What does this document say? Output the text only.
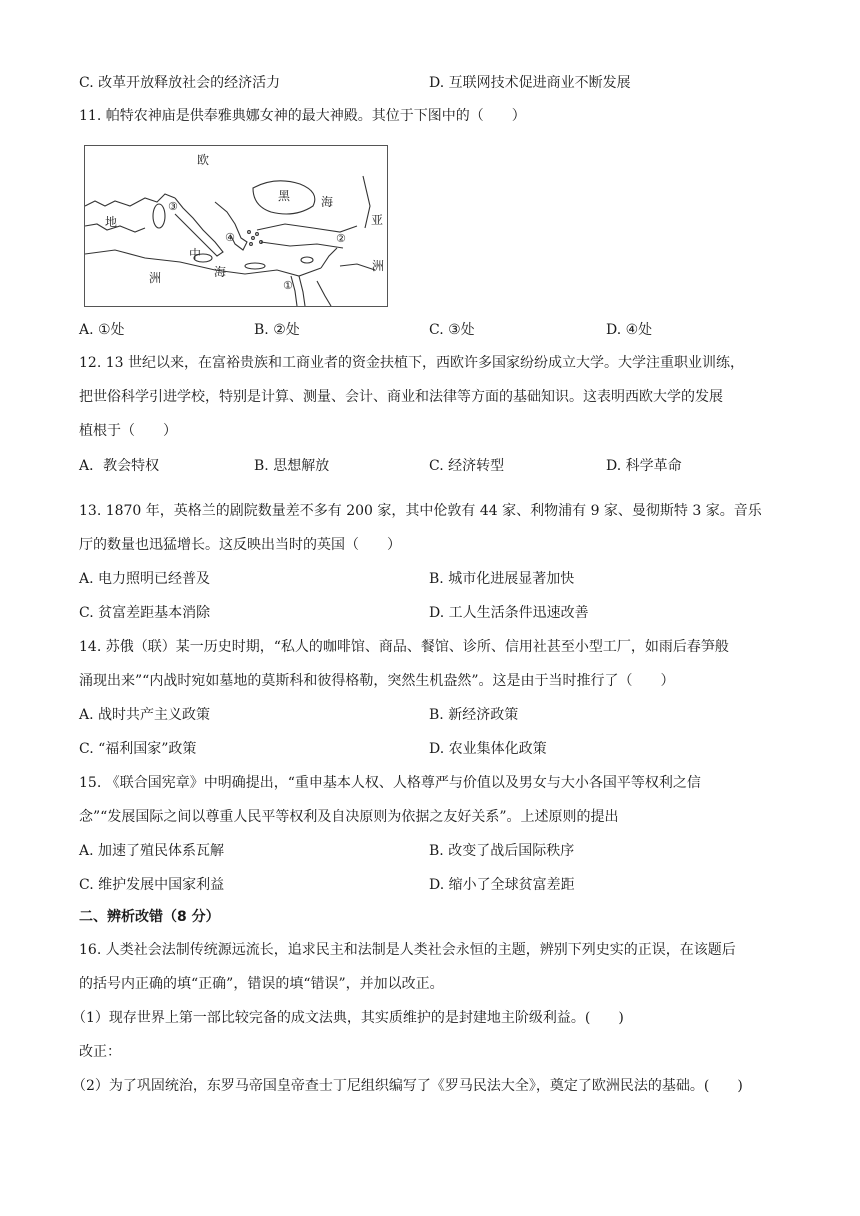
C. 改革开放释放社会的经济活力	D. 互联网技术促进商业不断发展
11. 帕特农神庙是供奉雅典娜女神的最大神殿。其位于下图中的（　　）
欧
黑	海
亚
洲
地
中
海
洲
③
④	②
①
A. ①处	B. ②处	C. ③处	D. ④处
12. 13 世纪以来，在富裕贵族和工商业者的资金扶植下，西欧许多国家纷纷成立大学。大学注重职业训练，
把世俗科学引进学校，特别是计算、测量、会计、商业和法律等方面的基础知识。这表明西欧大学的发展
植根于（　　）
A．教会特权	B. 思想解放	C. 经济转型	D. 科学革命
13. 1870 年，英格兰的剧院数量差不多有 200 家，其中伦敦有 44 家、利物浦有 9 家、曼彻斯特 3 家。音乐
厅的数量也迅猛增长。这反映出当时的英国（　　）
A. 电力照明已经普及	B. 城市化进展显著加快
C. 贫富差距基本消除	D. 工人生活条件迅速改善
14. 苏俄（联）某一历史时期，“私人的咖啡馆、商品、餐馆、诊所、信用社甚至小型工厂，如雨后春笋般
涌现出来”“内战时宛如墓地的莫斯科和彼得格勒，突然生机盎然”。这是由于当时推行了（　　）
A. 战时共产主义政策	B. 新经济政策
C. “福利国家”政策	D. 农业集体化政策
15. 《联合国宪章》中明确提出，“重申基本人权、人格尊严与价值以及男女与大小各国平等权利之信
念”“发展国际之间以尊重人民平等权利及自决原则为依据之友好关系”。上述原则的提出
A. 加速了殖民体系瓦解	B. 改变了战后国际秩序
C. 维护发展中国家利益	D. 缩小了全球贫富差距
二、辨析改错（8 分）
16. 人类社会法制传统源远流长，追求民主和法制是人类社会永恒的主题，辨别下列史实的正误，在该题后
的括号内正确的填“正确”，错误的填“错误”，并加以改正。
（1）现存世界上第一部比较完备的成文法典，其实质维护的是封建地主阶级利益。(　　)
改正：
（2）为了巩固统治，东罗马帝国皇帝查士丁尼组织编写了《罗马民法大全》，奠定了欧洲民法的基础。(　　)
